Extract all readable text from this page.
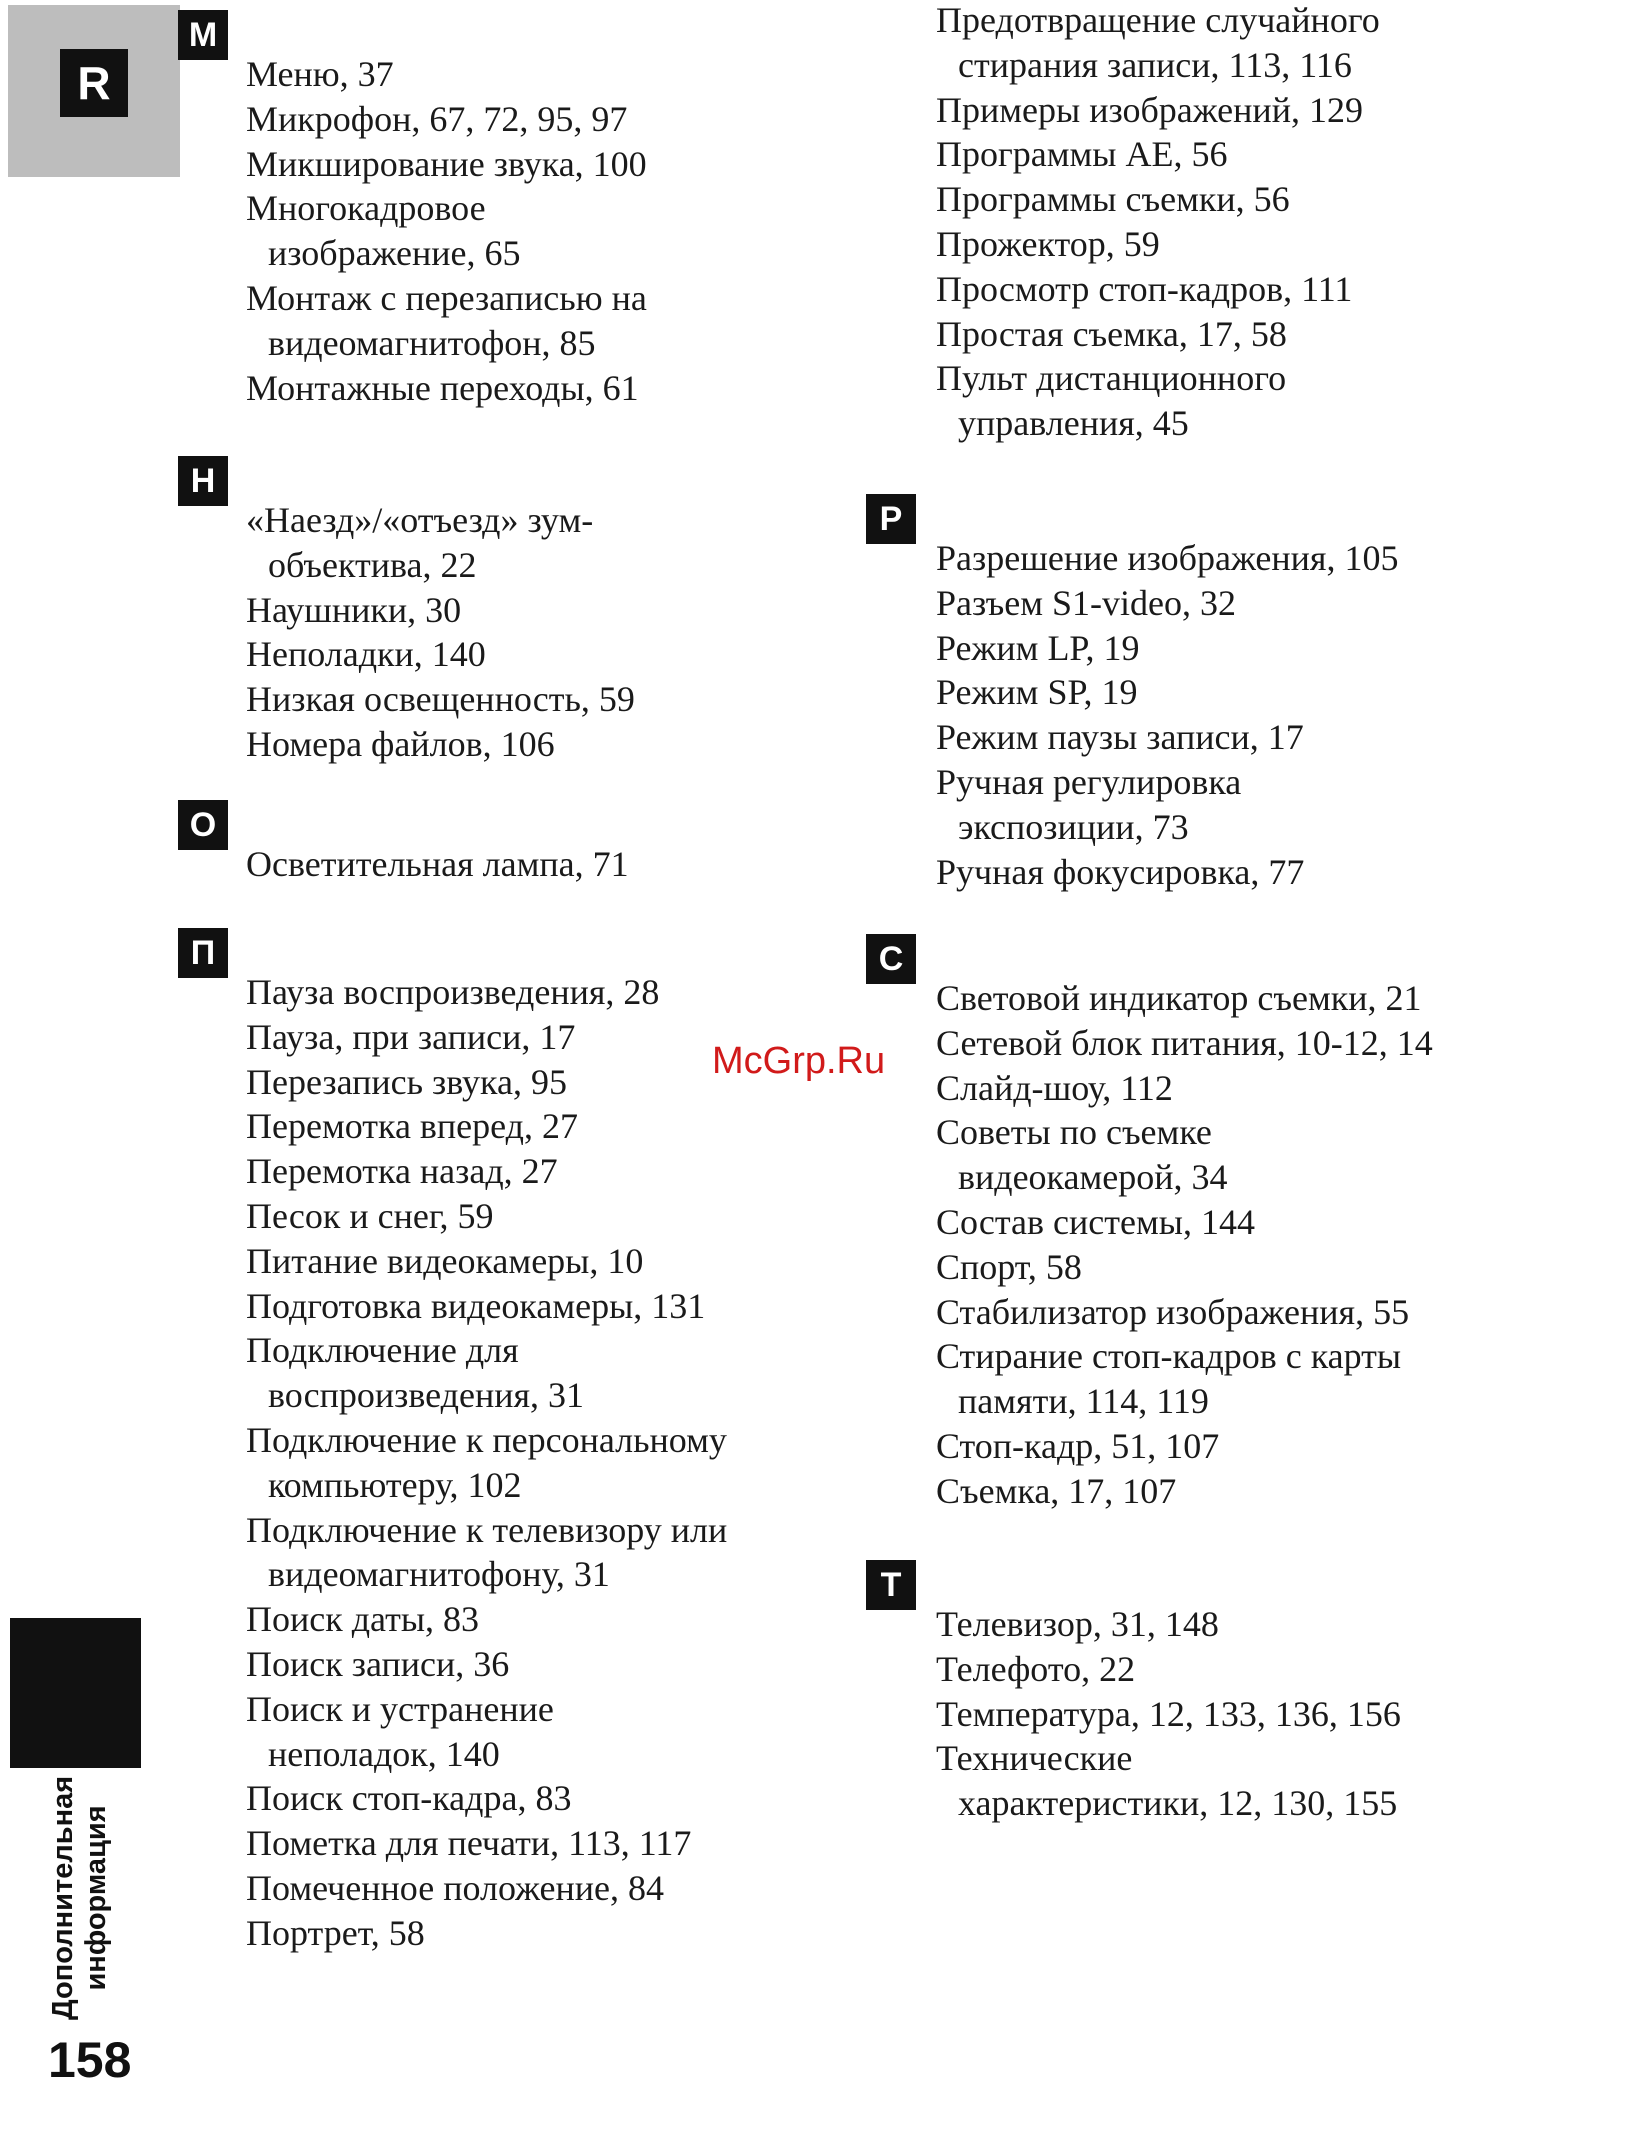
R
Дополнительная информация
158
М
Меню, 37
Микрофон, 67, 72, 95, 97
Микширование звука, 100
Многокадровое
изображение, 65
Монтаж с перезаписью на
видеомагнитофон, 85
Монтажные переходы, 61
Н
«Наезд»/«отъезд» зум-
объектива, 22
Наушники, 30
Неполадки, 140
Низкая освещенность, 59
Номера файлов, 106
О
Осветительная лампа, 71
П
Пауза воспроизведения, 28
Пауза, при записи, 17
Перезапись звука, 95
Перемотка вперед, 27
Перемотка назад, 27
Песок и снег, 59
Питание видеокамеры, 10
Подготовка видеокамеры, 131
Подключение для
воспроизведения, 31
Подключение к персональному
компьютеру, 102
Подключение к телевизору или
видеомагнитофону, 31
Поиск даты, 83
Поиск записи, 36
Поиск и устранение
неполадок, 140
Поиск стоп-кадра, 83
Пометка для печати, 113, 117
Помеченное положение, 84
Портрет, 58
Предотвращение случайного
стирания записи, 113, 116
Примеры изображений, 129
Программы AE, 56
Программы съемки, 56
Прожектор, 59
Просмотр стоп-кадров, 111
Простая съемка, 17, 58
Пульт дистанционного
управления, 45
Р
Разрешение изображения, 105
Разъем S1-video, 32
Режим LP, 19
Режим SP, 19
Режим паузы записи, 17
Ручная регулировка
экспозиции, 73
Ручная фокусировка, 77
С
Световой индикатор съемки, 21
Сетевой блок питания, 10-12, 14
Слайд-шоу, 112
Советы по съемке
видеокамерой, 34
Состав системы, 144
Спорт, 58
Стабилизатор изображения, 55
Стирание стоп-кадров с карты
памяти, 114, 119
Стоп-кадр, 51, 107
Съемка, 17, 107
Т
Телевизор, 31, 148
Телефото, 22
Температура, 12, 133, 136, 156
Технические
характеристики, 12, 130, 155
McGrp.Ru
